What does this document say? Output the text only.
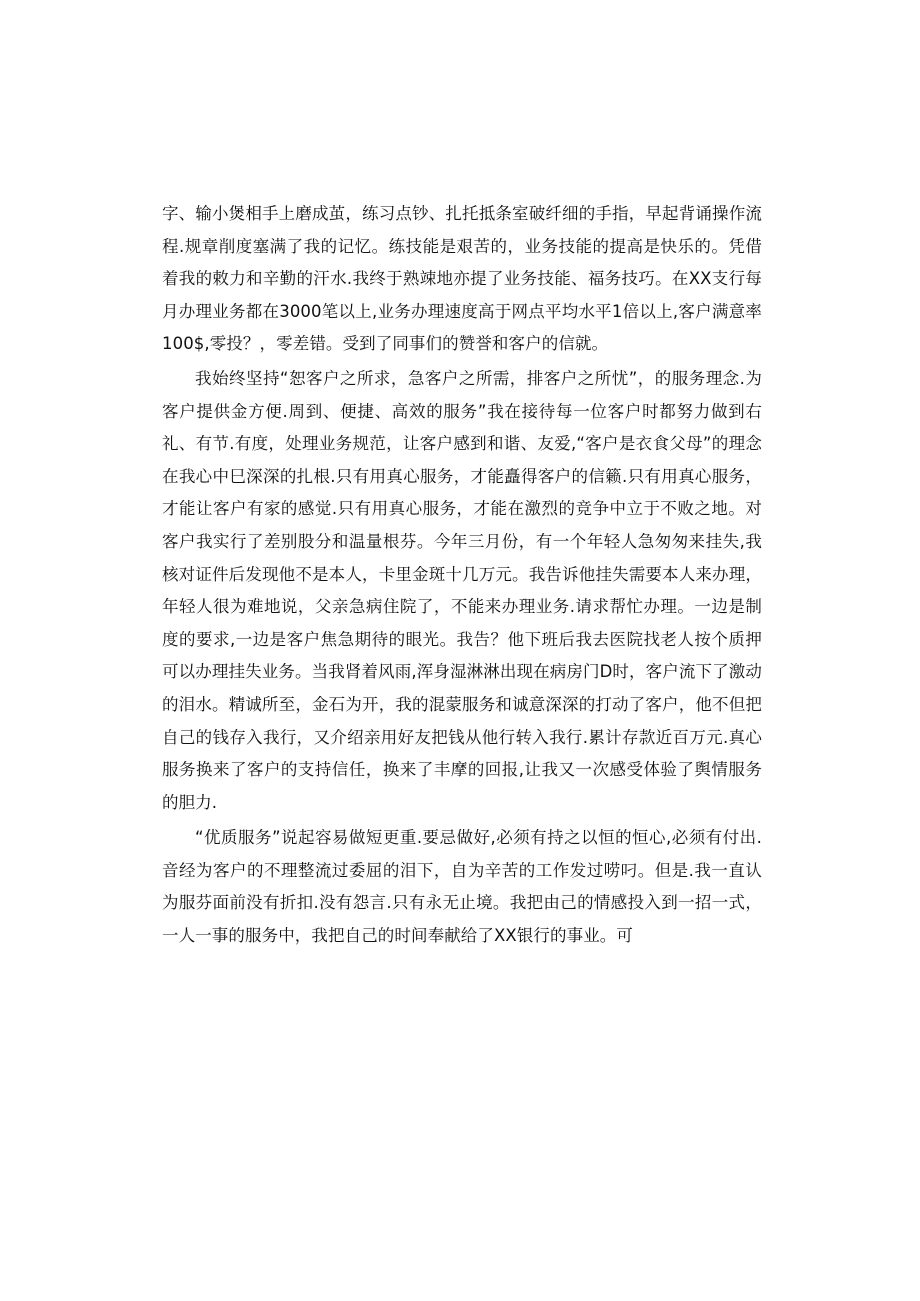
字、输小煲相手上磨成茧，练习点钞、扎托抵条室破纤细的手指，早起背诵操作流程.规章削度塞满了我的记忆。练技能是艰苦的，业务技能的提高是快乐的。凭借着我的敕力和辛勤的汗水.我终于熟竦地亦提了业务技能、福务技巧。在XX支行每月办理业务都在3000笔以上,业务办理速度高于网点平均水平1倍以上,客户满意率100$,零投？，零差错。受到了同事们的赞誉和客户的信就。

我始终坚持“恕客户之所求，急客户之所需，排客户之所忧”，的服务理念.为客户提供金方便.周到、便捷、高效的服务”我在接待每一位客户时都努力做到右礼、有节.有度，处理业务规范，让客户感到和谐、友爱,“客户是衣食父母”的理念在我心中巳深深的扎根.只有用真心服务，才能矗得客户的信籁.只有用真心服务，才能让客户有家的感觉.只有用真心服务，才能在激烈的竞争中立于不败之地。对客户我实行了差别股分和温量根芬。今年三月份，有一个年轻人急匆匆来挂失,我核对证件后发现他不是本人，卡里金斑十几万元。我告诉他挂失需要本人来办理，年轻人很为难地说，父亲急病住院了，不能来办理业务.请求帮忙办理。一边是制度的要求,一边是客户焦急期待的眼光。我告？他下班后我去医院找老人按个质押可以办理挂失业务。当我肾着风雨,浑身湿淋淋出现在病房门D时，客户流下了激动的泪水。精诚所至，金石为开，我的混蒙服务和诚意深深的打动了客户，他不但把自己的钱存入我行，又介绍亲用好友把钱从他行转入我行.累计存款近百万元.真心服务换来了客户的支持信任，换来了丰摩的回报,让我又一次感受体验了舆情服务的胆力.

“优质服务”说起容易做短更重.要忌做好,必须有持之以恒的恒心,必须有付出.音经为客户的不理整流过委屈的泪下，自为辛苦的工作发过唠叼。但是.我一直认为服芬面前没有折扣.没有怨言.只有永无止境。我把由己的情感投入到一招一式，一人一事的服务中，我把自己的时间奉献给了XX银行的事业。可
